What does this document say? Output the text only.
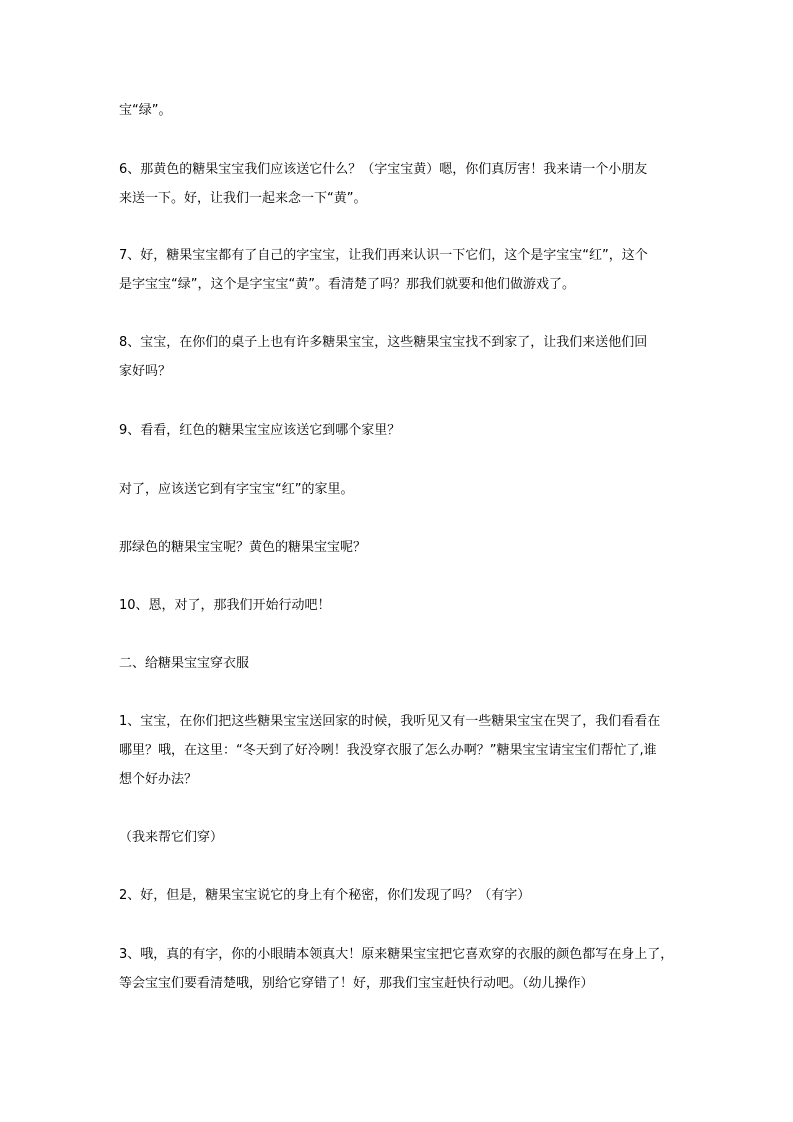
宝“绿”。

6、那黄色的糖果宝宝我们应该送它什么？（字宝宝黄）嗯，你们真厉害！我来请一个小朋友
来送一下。好，让我们一起来念一下“黄”。

7、好，糖果宝宝都有了自己的字宝宝，让我们再来认识一下它们，这个是字宝宝“红”，这个
是字宝宝“绿”，这个是字宝宝“黄”。看清楚了吗？那我们就要和他们做游戏了。

8、宝宝，在你们的桌子上也有许多糖果宝宝，这些糖果宝宝找不到家了，让我们来送他们回
家好吗？

9、看看，红色的糖果宝宝应该送它到哪个家里？

对了，应该送它到有字宝宝“红”的家里。

那绿色的糖果宝宝呢？黄色的糖果宝宝呢？

10、恩，对了，那我们开始行动吧！

二、给糖果宝宝穿衣服

1、宝宝，在你们把这些糖果宝宝送回家的时候，我听见又有一些糖果宝宝在哭了，我们看看在
哪里？哦，在这里：“冬天到了好冷咧！我没穿衣服了怎么办啊？”糖果宝宝请宝宝们帮忙了,谁
想个好办法？

（我来帮它们穿）

2、好，但是，糖果宝宝说它的身上有个秘密，你们发现了吗？（有字）

3、哦，真的有字，你的小眼睛本领真大！原来糖果宝宝把它喜欢穿的衣服的颜色都写在身上了，
等会宝宝们要看清楚哦，别给它穿错了！好，那我们宝宝赶快行动吧。（幼儿操作）
